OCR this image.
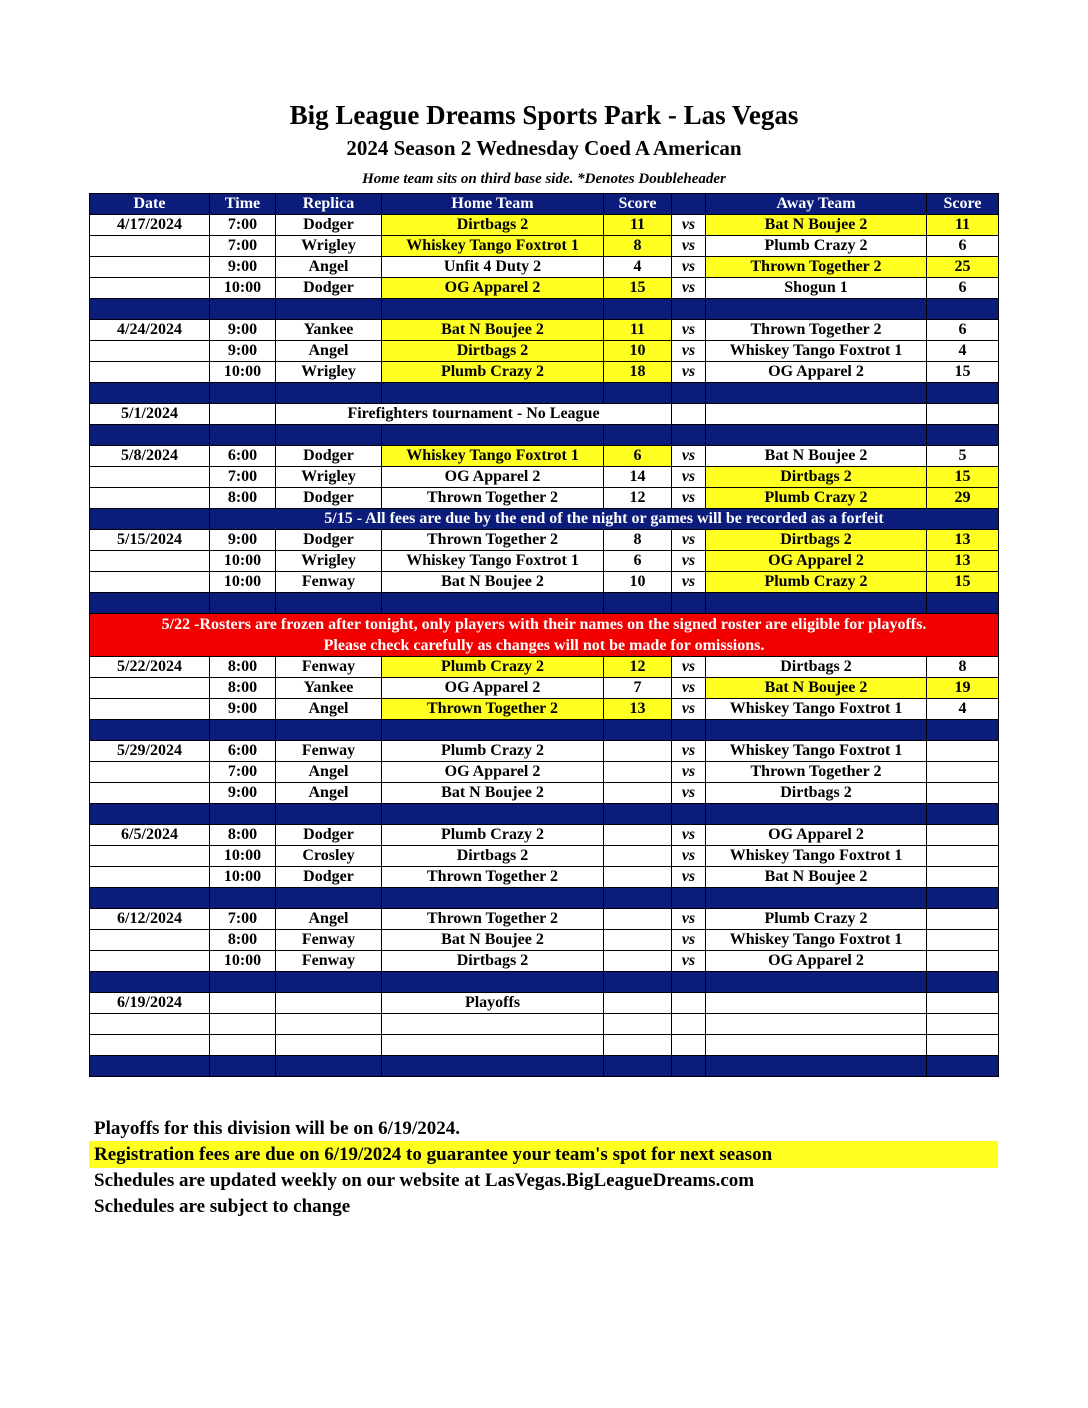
Big League Dreams Sports Park - Las Vegas
2024 Season 2 Wednesday Coed A American
Home team sits on third base side. *Denotes Doubleheader
Date	Time	Replica	Home Team	Score		Away Team	Score
4/17/2024	7:00	Dodger	Dirtbags 2	11	vs	Bat N Boujee 2	11
	7:00	Wrigley	Whiskey Tango Foxtrot 1	8	vs	Plumb Crazy 2	6
	9:00	Angel	Unfit 4 Duty 2	4	vs	Thrown Together 2	25
	10:00	Dodger	OG Apparel 2	15	vs	Shogun 1	6

4/24/2024	9:00	Yankee	Bat N Boujee 2	11	vs	Thrown Together 2	6
	9:00	Angel	Dirtbags 2	10	vs	Whiskey Tango Foxtrot 1	4
	10:00	Wrigley	Plumb Crazy 2	18	vs	OG Apparel 2	15

5/1/2024		Firefighters tournament - No League					

5/8/2024	6:00	Dodger	Whiskey Tango Foxtrot 1	6	vs	Bat N Boujee 2	5
	7:00	Wrigley	OG Apparel 2	14	vs	Dirtbags 2	15
	8:00	Dodger	Thrown Together 2	12	vs	Plumb Crazy 2	29
	5/15 - All fees are due by the end of the night or games will be recorded as a forfeit						
5/15/2024	9:00	Dodger	Thrown Together 2	8	vs	Dirtbags 2	13
	10:00	Wrigley	Whiskey Tango Foxtrot 1	6	vs	OG Apparel 2	13
	10:00	Fenway	Bat N Boujee 2	10	vs	Plumb Crazy 2	15

5/22 -Rosters are frozen after tonight, only players with their names on the signed roster are eligible for playoffs.
Please check carefully as changes will not be made for omissions.							

5/22/2024	8:00	Fenway	Plumb Crazy 2	12	vs	Dirtbags 2	8
	8:00	Yankee	OG Apparel 2	7	vs	Bat N Boujee 2	19
	9:00	Angel	Thrown Together 2	13	vs	Whiskey Tango Foxtrot 1	4

5/29/2024	6:00	Fenway	Plumb Crazy 2		vs	Whiskey Tango Foxtrot 1	
	7:00	Angel	OG Apparel 2		vs	Thrown Together 2	
	9:00	Angel	Bat N Boujee 2		vs	Dirtbags 2	

6/5/2024	8:00	Dodger	Plumb Crazy 2		vs	OG Apparel 2	
	10:00	Crosley	Dirtbags 2		vs	Whiskey Tango Foxtrot 1	
	10:00	Dodger	Thrown Together 2		vs	Bat N Boujee 2	

6/12/2024	7:00	Angel	Thrown Together 2		vs	Plumb Crazy 2	
	8:00	Fenway	Bat N Boujee 2		vs	Whiskey Tango Foxtrot 1	
	10:00	Fenway	Dirtbags 2		vs	OG Apparel 2	

6/19/2024			Playoffs				

Playoffs for this division will be on 6/19/2024.
Registration fees are due on 6/19/2024 to guarantee your team's spot for next season
Schedules are updated weekly on our website at LasVegas.BigLeagueDreams.com
Schedules are subject to change
